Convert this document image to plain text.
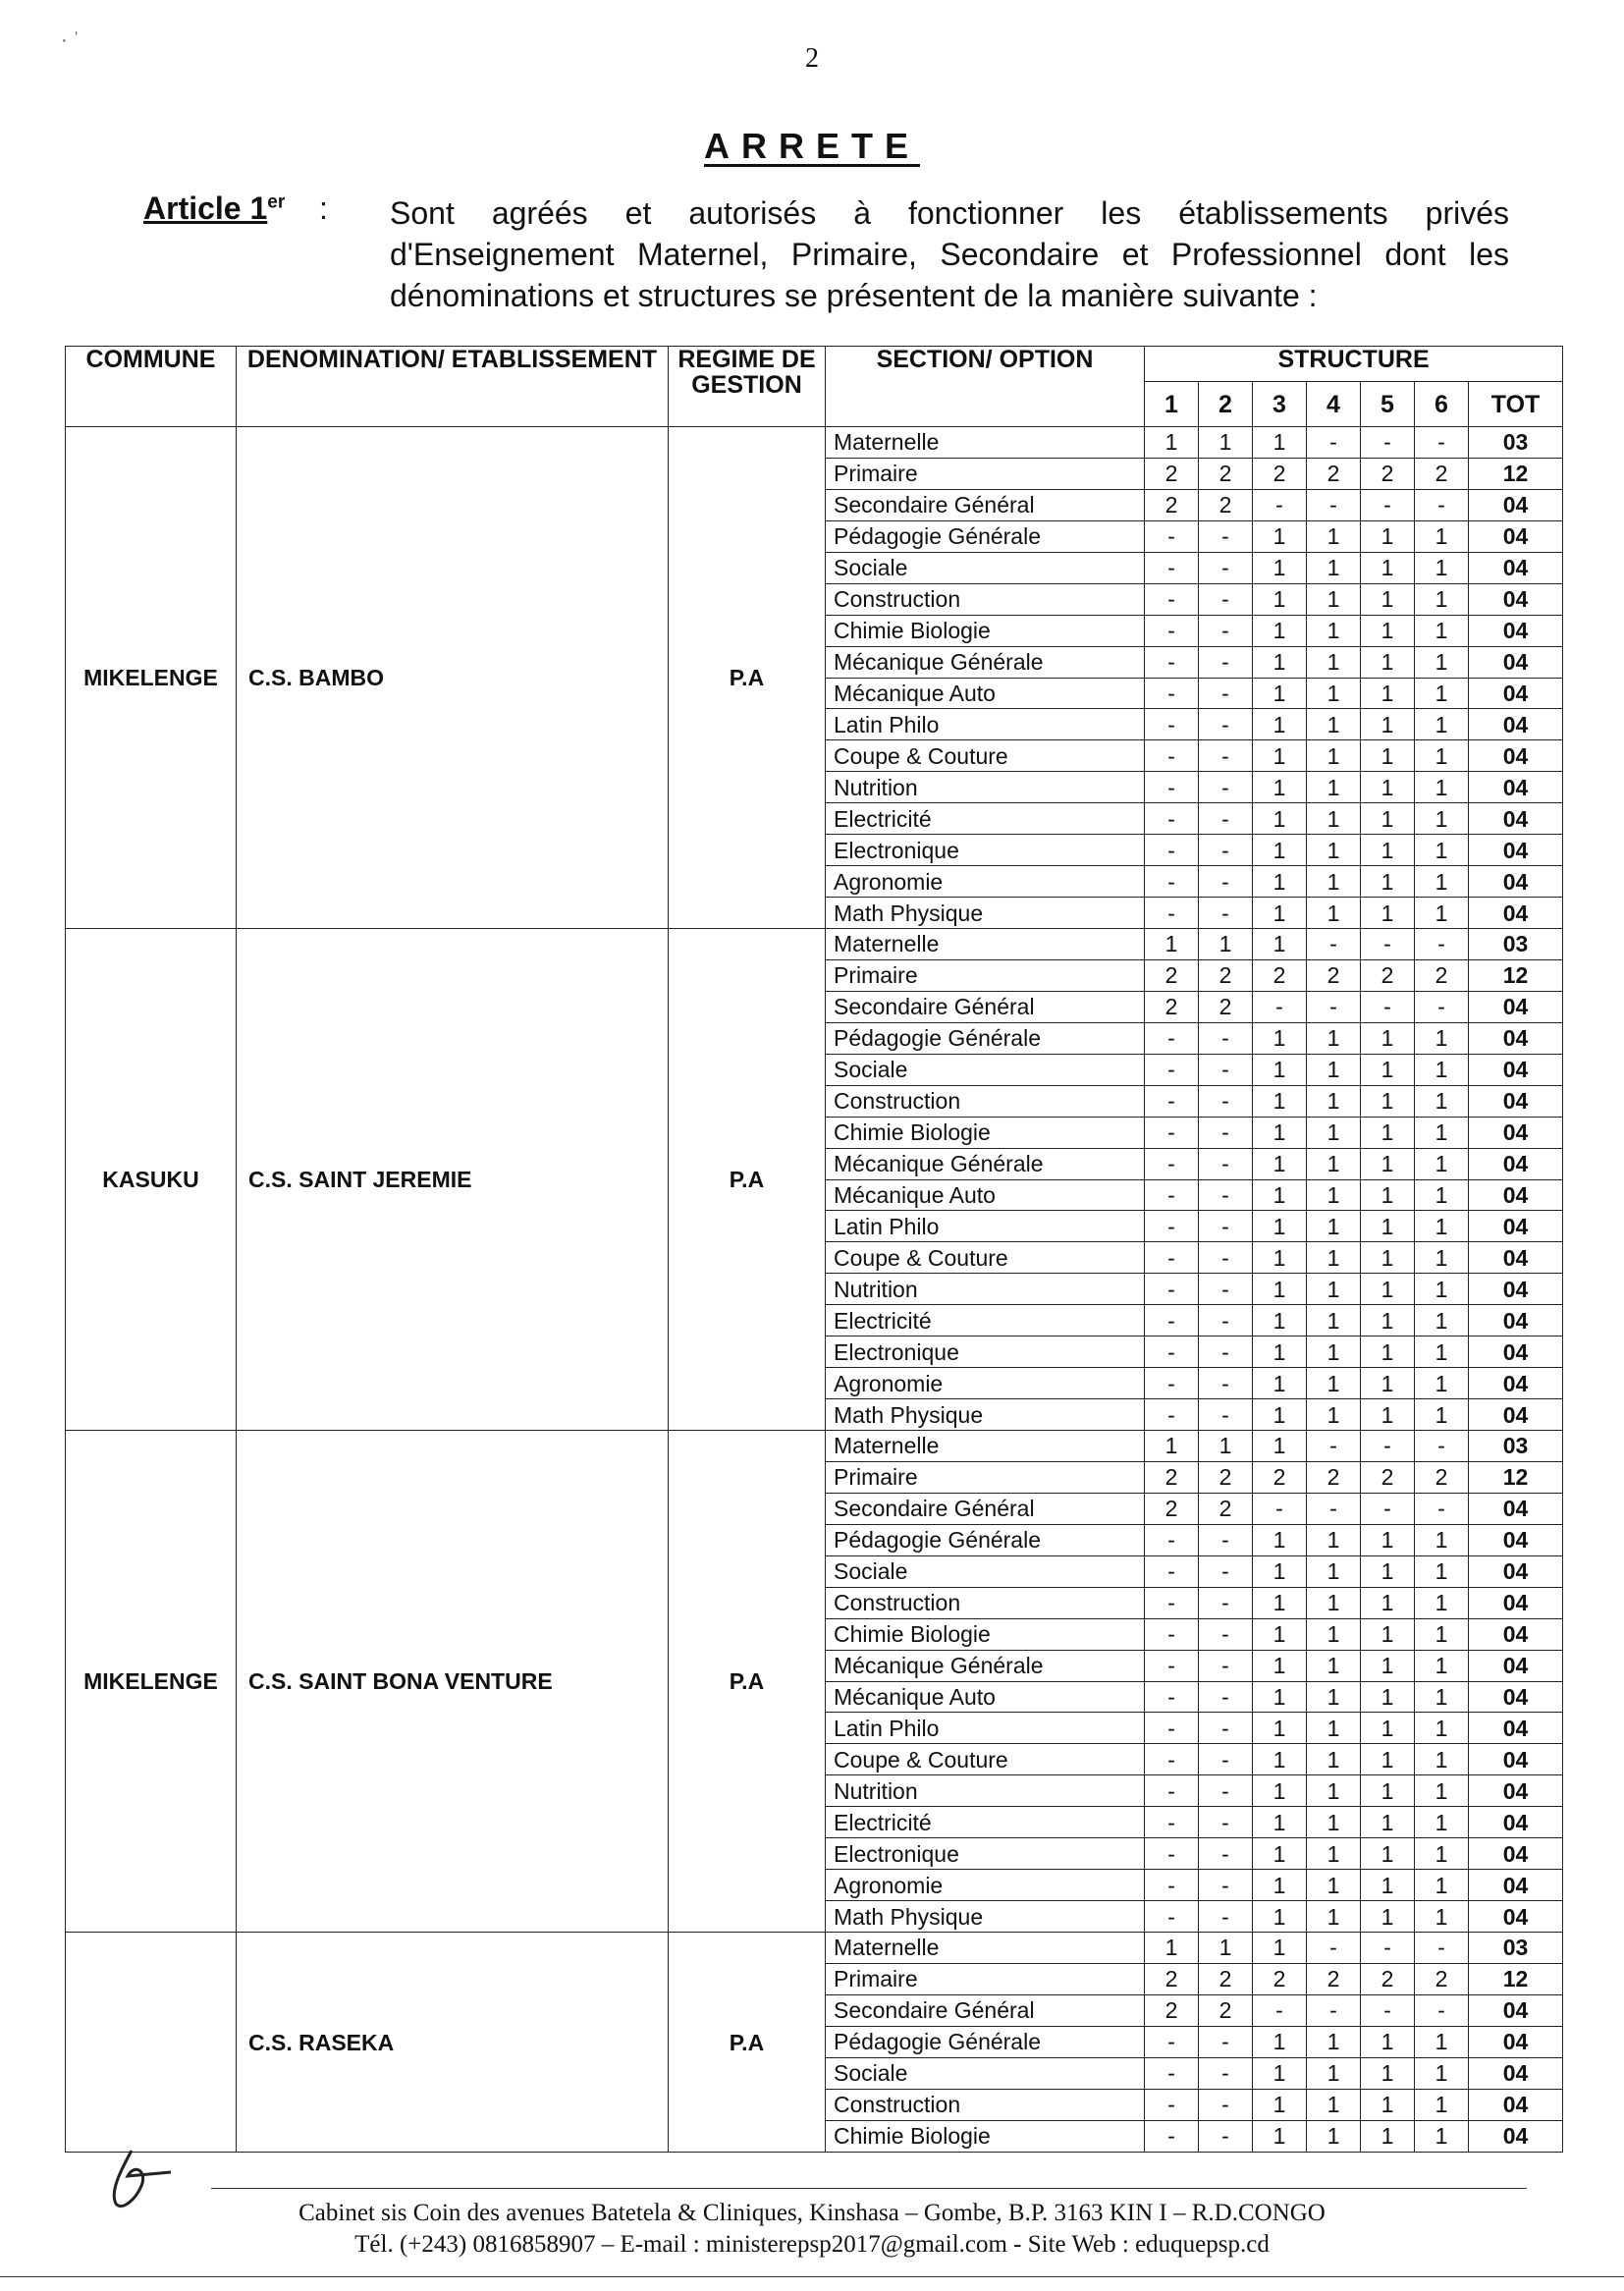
2
ARRETE
Article 1er : Sont agréés et autorisés à fonctionner les établissements privés d'Enseignement Maternel, Primaire, Secondaire et Professionnel dont les dénominations et structures se présentent de la manière suivante :
COMMUNE	DENOMINATION/ ETABLISSEMENT	REGIME DE GESTION	SECTION/ OPTION	STRUCTURE						
				1	2	3	4	5	6	TOT
MIKELENGE	C.S. BAMBO	P.A	Maternelle	1	1	1	-	-	-	03
			Primaire	2	2	2	2	2	2	12
			Secondaire Général	2	2	-	-	-	-	04
			Pédagogie Générale	-	-	1	1	1	1	04
			Sociale	-	-	1	1	1	1	04
			Construction	-	-	1	1	1	1	04
			Chimie Biologie	-	-	1	1	1	1	04
			Mécanique Générale	-	-	1	1	1	1	04
			Mécanique Auto	-	-	1	1	1	1	04
			Latin Philo	-	-	1	1	1	1	04
			Coupe & Couture	-	-	1	1	1	1	04
			Nutrition	-	-	1	1	1	1	04
			Electricité	-	-	1	1	1	1	04
			Electronique	-	-	1	1	1	1	04
			Agronomie	-	-	1	1	1	1	04
			Math Physique	-	-	1	1	1	1	04
KASUKU	C.S. SAINT JEREMIE	P.A	Maternelle	1	1	1	-	-	-	03
			Primaire	2	2	2	2	2	2	12
			Secondaire Général	2	2	-	-	-	-	04
			Pédagogie Générale	-	-	1	1	1	1	04
			Sociale	-	-	1	1	1	1	04
			Construction	-	-	1	1	1	1	04
			Chimie Biologie	-	-	1	1	1	1	04
			Mécanique Générale	-	-	1	1	1	1	04
			Mécanique Auto	-	-	1	1	1	1	04
			Latin Philo	-	-	1	1	1	1	04
			Coupe & Couture	-	-	1	1	1	1	04
			Nutrition	-	-	1	1	1	1	04
			Electricité	-	-	1	1	1	1	04
			Electronique	-	-	1	1	1	1	04
			Agronomie	-	-	1	1	1	1	04
			Math Physique	-	-	1	1	1	1	04
MIKELENGE	C.S. SAINT BONA VENTURE	P.A	Maternelle	1	1	1	-	-	-	03
			Primaire	2	2	2	2	2	2	12
			Secondaire Général	2	2	-	-	-	-	04
			Pédagogie Générale	-	-	1	1	1	1	04
			Sociale	-	-	1	1	1	1	04
			Construction	-	-	1	1	1	1	04
			Chimie Biologie	-	-	1	1	1	1	04
			Mécanique Générale	-	-	1	1	1	1	04
			Mécanique Auto	-	-	1	1	1	1	04
			Latin Philo	-	-	1	1	1	1	04
			Coupe & Couture	-	-	1	1	1	1	04
			Nutrition	-	-	1	1	1	1	04
			Electricité	-	-	1	1	1	1	04
			Electronique	-	-	1	1	1	1	04
			Agronomie	-	-	1	1	1	1	04
			Math Physique	-	-	1	1	1	1	04
	C.S. RASEKA	P.A	Maternelle	1	1	1	-	-	-	03
			Primaire	2	2	2	2	2	2	12
			Secondaire Général	2	2	-	-	-	-	04
			Pédagogie Générale	-	-	1	1	1	1	04
			Sociale	-	-	1	1	1	1	04
			Construction	-	-	1	1	1	1	04
			Chimie Biologie	-	-	1	1	1	1	04
· ˈ
Cabinet sis Coin des avenues Batetela & Cliniques, Kinshasa – Gombe, B.P. 3163 KIN I – R.D.CONGO
Tél. (+243) 0816858907 – E-mail : ministerepsp2017@gmail.com - Site Web : eduquepsp.cd
